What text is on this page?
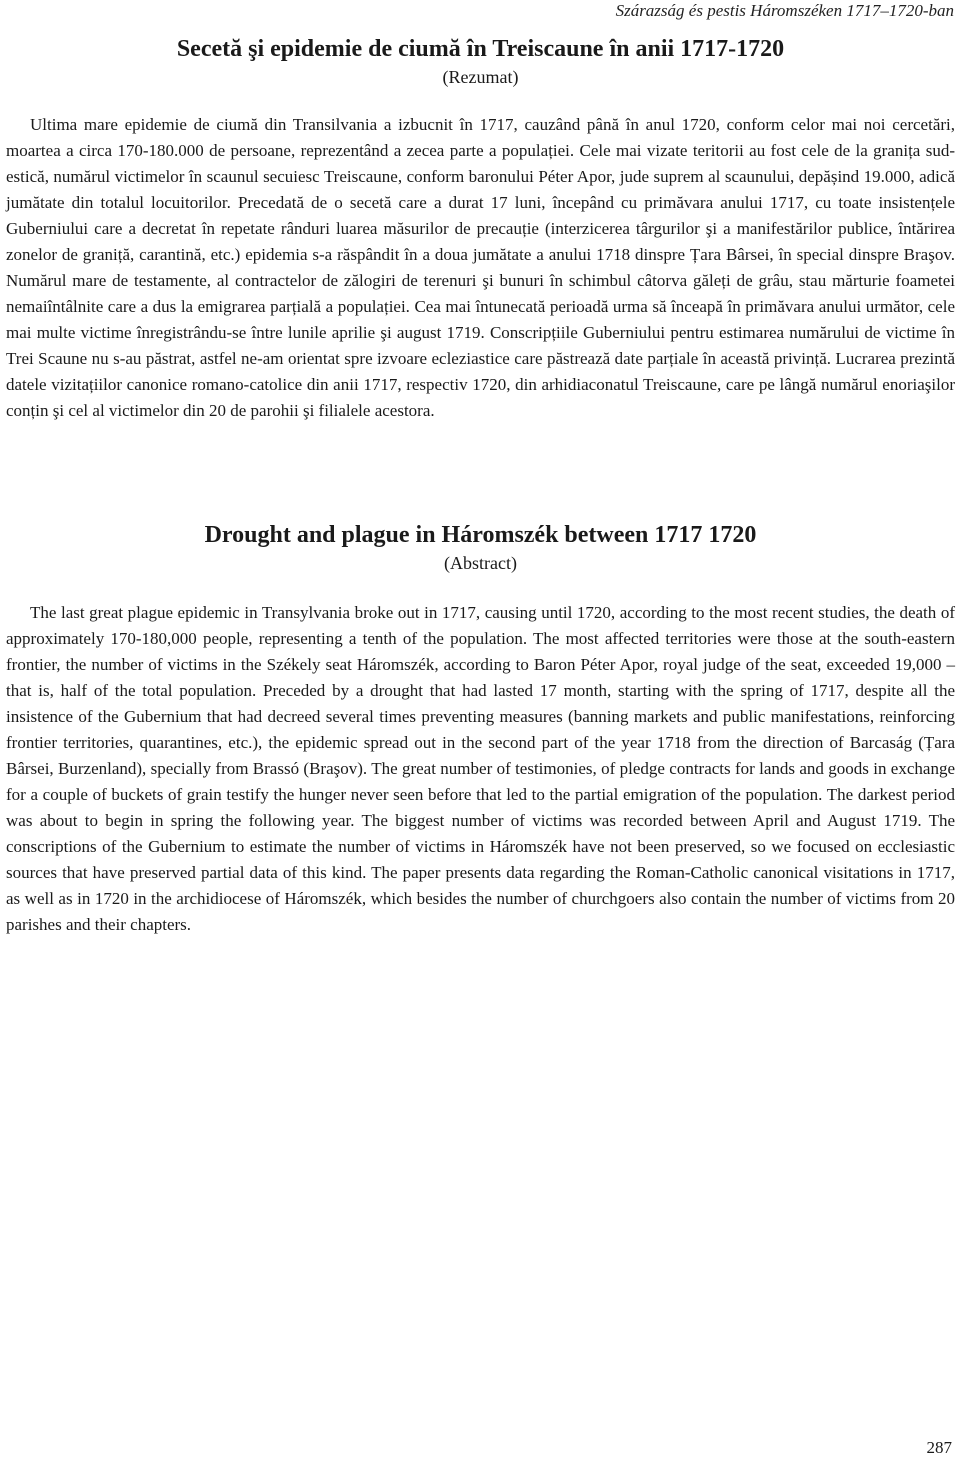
Szárazság és pestis Háromszéken 1717–1720-ban
Secetă şi epidemie de ciumă în Treiscaune în anii 1717-1720
(Rezumat)

Ultima mare epidemie de ciumă din Transilvania a izbucnit în 1717, cauzând până în anul 1720, conform celor mai noi cercetări, moartea a circa 170-180.000 de persoane, reprezentând a zecea parte a populației. Cele mai vizate teritorii au fost cele de la granița sud-estică, numărul victimelor în scaunul secuiesc Treiscaune, conform baronului Péter Apor, jude suprem al scaunului, depășind 19.000, adică jumătate din totalul locuitorilor. Precedată de o secetă care a durat 17 luni, începând cu primăvara anului 1717, cu toate insistențele Guberniului care a decretat în repetate rânduri luarea măsurilor de precauție (interzicerea târgurilor şi a manifestărilor publice, întărirea zonelor de graniță, carantină, etc.) epidemia s-a răspândit în a doua jumătate a anului 1718 dinspre Țara Bârsei, în special dinspre Braşov. Numărul mare de testamente, al contractelor de zălogiri de terenuri şi bunuri în schimbul câtorva găleți de grâu, stau mărturie foametei nemaiîntâlnite care a dus la emigrarea parțială a populației. Cea mai întunecată perioadă urma să înceapă în primăvara anului următor, cele mai multe victime înregistrându-se între lunile aprilie şi august 1719. Conscripțiile Guberniului pentru estimarea numărului de victime în Trei Scaune nu s-au păstrat, astfel ne-am orientat spre izvoare ecleziastice care păstrează date parțiale în această privință. Lucrarea prezintă datele vizitațiilor canonice romano-catolice din anii 1717, respectiv 1720, din arhidiaconatul Treiscaune, care pe lângă numărul enoriaşilor conțin şi cel al victimelor din 20 de parohii şi filialele acestora.

Drought and plague in Háromszék between 1717 1720
(Abstract)

The last great plague epidemic in Transylvania broke out in 1717, causing until 1720, according to the most recent studies, the death of approximately 170-180,000 people, representing a tenth of the population. The most affected territories were those at the south-eastern frontier, the number of victims in the Székely seat Háromszék, according to Baron Péter Apor, royal judge of the seat, exceeded 19,000 – that is, half of the total population. Preceded by a drought that had lasted 17 month, starting with the spring of 1717, despite all the insistence of the Gubernium that had decreed several times preventing measures (banning markets and public manifestations, reinforcing frontier territories, quarantines, etc.), the epidemic spread out in the second part of the year 1718 from the direction of Barcaság (Țara Bârsei, Burzenland), specially from Brassó (Braşov). The great number of testimonies, of pledge contracts for lands and goods in exchange for a couple of buckets of grain testify the hunger never seen before that led to the partial emigration of the population. The darkest period was about to begin in spring the following year. The biggest number of victims was recorded between April and August 1719. The conscriptions of the Gubernium to estimate the number of victims in Háromszék have not been preserved, so we focused on ecclesiastic sources that have preserved partial data of this kind. The paper presents data regarding the Roman-Catholic canonical visitations in 1717, as well as in 1720 in the archidiocese of Háromszék, which besides the number of churchgoers also contain the number of victims from 20 parishes and their chapters.

287
